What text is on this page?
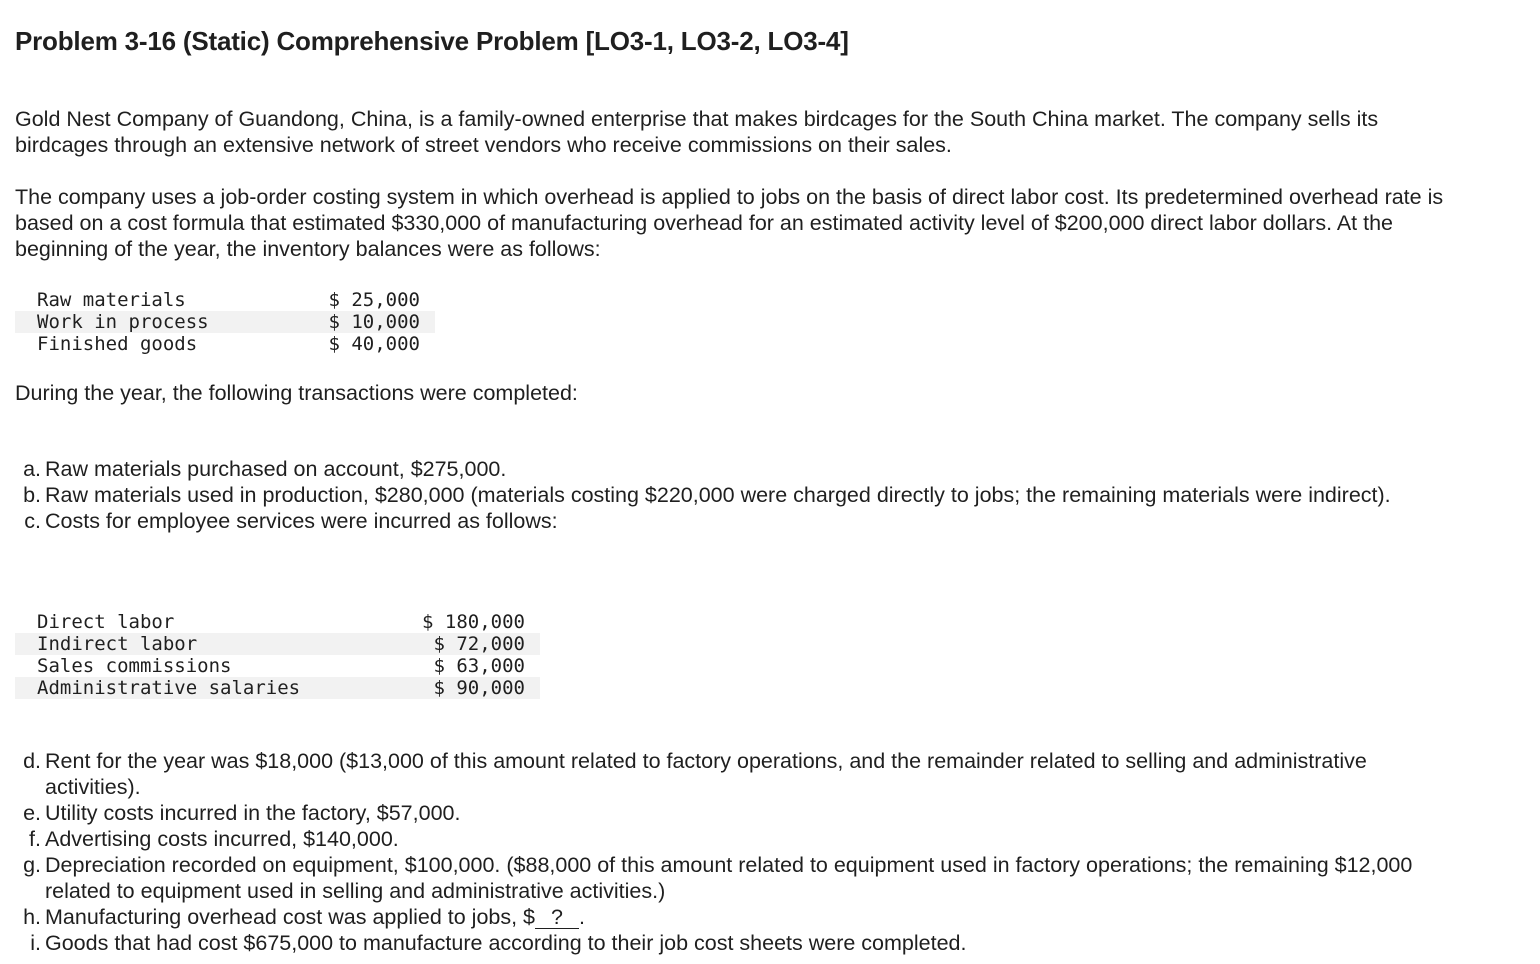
Problem 3-16 (Static) Comprehensive Problem [LO3-1, LO3-2, LO3-4]

Gold Nest Company of Guandong, China, is a family-owned enterprise that makes birdcages for the South China market. The company sells its birdcages through an extensive network of street vendors who receive commissions on their sales.

The company uses a job-order costing system in which overhead is applied to jobs on the basis of direct labor cost. Its predetermined overhead rate is based on a cost formula that estimated $330,000 of manufacturing overhead for an estimated activity level of $200,000 direct labor dollars. At the beginning of the year, the inventory balances were as follows:

Raw materials	$ 25,000
Work in process	$ 10,000
Finished goods	$ 40,000

During the year, the following transactions were completed:

a. Raw materials purchased on account, $275,000.
b. Raw materials used in production, $280,000 (materials costing $220,000 were charged directly to jobs; the remaining materials were indirect).
c. Costs for employee services were incurred as follows:
Direct labor	$ 180,000
Indirect labor	$ 72,000
Sales commissions	$ 63,000
Administrative salaries	$ 90,000
d. Rent for the year was $18,000 ($13,000 of this amount related to factory operations, and the remainder related to selling and administrative activities).
e. Utility costs incurred in the factory, $57,000.
f. Advertising costs incurred, $140,000.
g. Depreciation recorded on equipment, $100,000. ($88,000 of this amount related to equipment used in factory operations; the remaining $12,000 related to equipment used in selling and administrative activities.)
h. Manufacturing overhead cost was applied to jobs, $ ? .
i. Goods that had cost $675,000 to manufacture according to their job cost sheets were completed.
